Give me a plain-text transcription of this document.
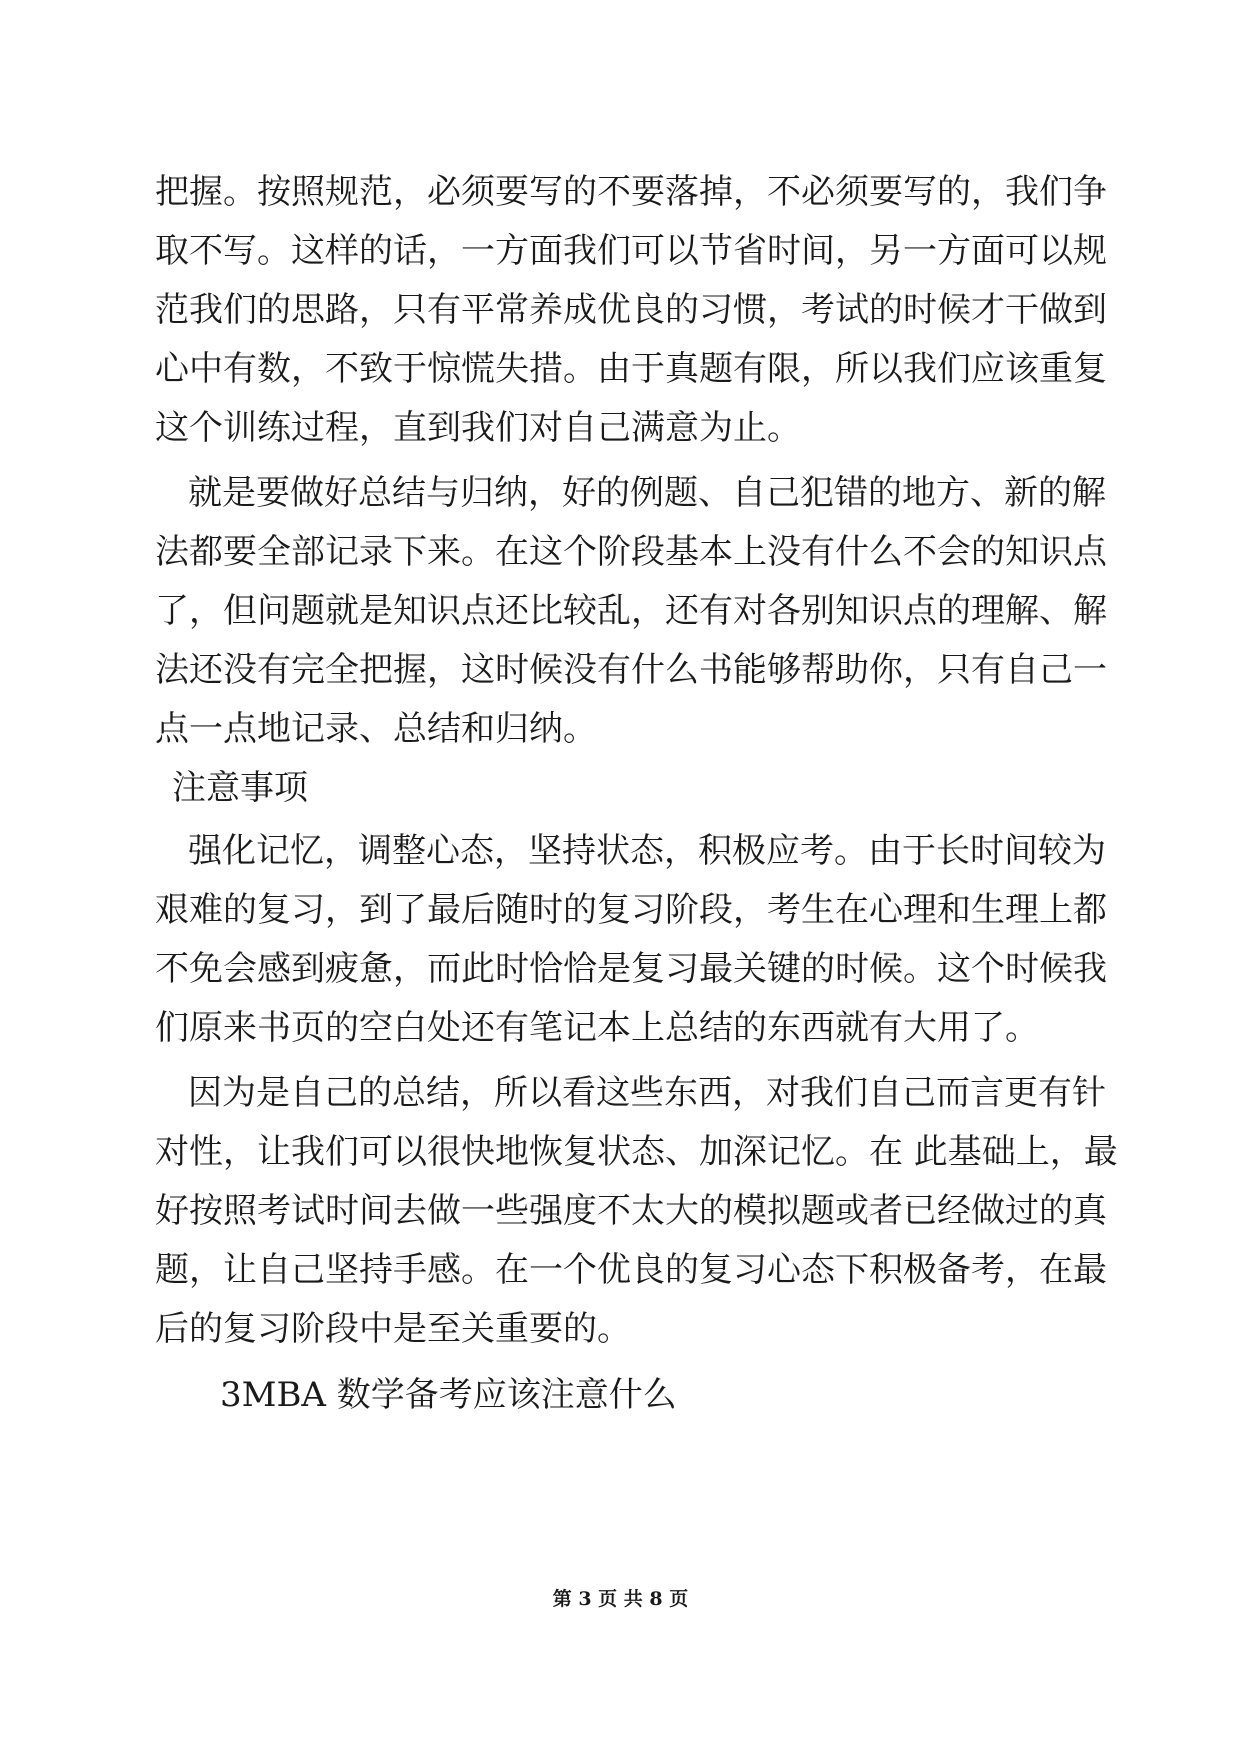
把握。按照规范，必须要写的不要落掉，不必须要写的，我们争
取不写。这样的话，一方面我们可以节省时间，另一方面可以规
范我们的思路，只有平常养成优良的习惯，考试的时候才干做到
心中有数，不致于惊慌失措。由于真题有限，所以我们应该重复
这个训练过程，直到我们对自己满意为止。
就是要做好总结与归纳，好的例题、自己犯错的地方、新的解
法都要全部记录下来。在这个阶段基本上没有什么不会的知识点
了，但问题就是知识点还比较乱，还有对各别知识点的理解、解
法还没有完全把握，这时候没有什么书能够帮助你，只有自己一
点一点地记录、总结和归纳。
注意事项
强化记忆，调整心态，坚持状态，积极应考。由于长时间较为
艰难的复习，到了最后随时的复习阶段，考生在心理和生理上都
不免会感到疲惫，而此时恰恰是复习最关键的时候。这个时候我
们原来书页的空白处还有笔记本上总结的东西就有大用了。
因为是自己的总结，所以看这些东西，对我们自己而言更有针
对性，让我们可以很快地恢复状态、加深记忆。在 此基础上，最
好按照考试时间去做一些强度不太大的模拟题或者已经做过的真
题，让自己坚持手感。在一个优良的复习心态下积极备考，在最
后的复习阶段中是至关重要的。
3MBA 数学备考应该注意什么
第 3 页 共 8 页
